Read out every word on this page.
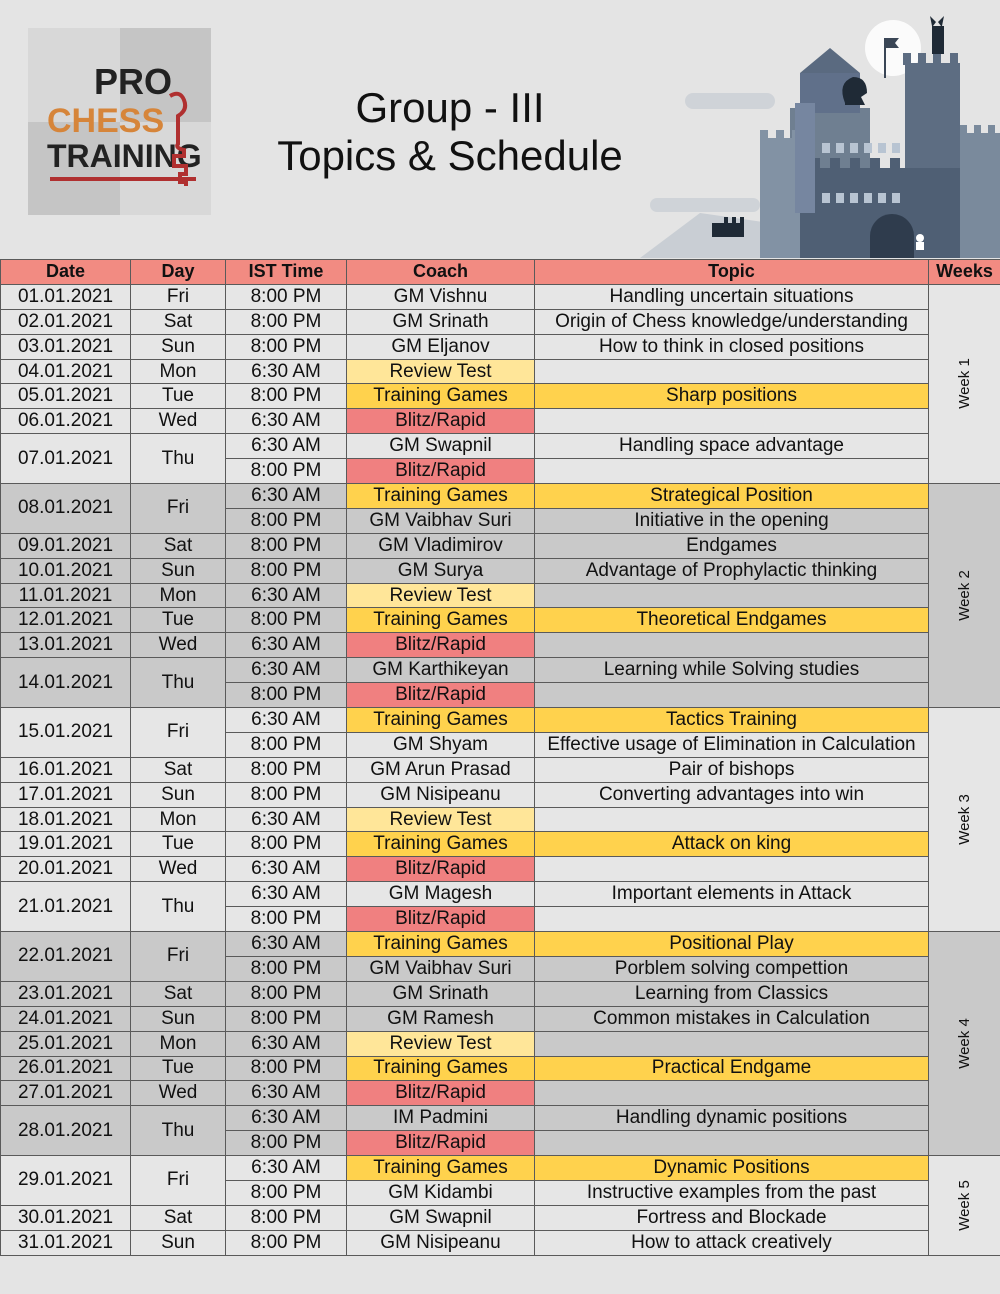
PRO
CHESS
TRAINING
Group - III
Topics & Schedule
Date	Day	IST Time	Coach	Topic	Weeks
01.01.2021	Fri	8:00 PM	GM Vishnu	Handling uncertain situations	Week 1
02.01.2021	Sat	8:00 PM	GM Srinath	Origin of Chess knowledge/understanding	
03.01.2021	Sun	8:00 PM	GM Eljanov	How to think in closed positions	
04.01.2021	Mon	6:30 AM	Review Test		
05.01.2021	Tue	8:00 PM	Training Games	Sharp positions	
06.01.2021	Wed	6:30 AM	Blitz/Rapid		
07.01.2021	Thu	6:30 AM	GM Swapnil	Handling space advantage	
		8:00 PM	Blitz/Rapid		
08.01.2021	Fri	6:30 AM	Training Games	Strategical Position	Week 2
		8:00 PM	GM Vaibhav Suri	Initiative in the opening	
09.01.2021	Sat	8:00 PM	GM Vladimirov	Endgames	
10.01.2021	Sun	8:00 PM	GM Surya	Advantage of Prophylactic thinking	
11.01.2021	Mon	6:30 AM	Review Test		
12.01.2021	Tue	8:00 PM	Training Games	Theoretical Endgames	
13.01.2021	Wed	6:30 AM	Blitz/Rapid		
14.01.2021	Thu	6:30 AM	GM Karthikeyan	Learning while Solving studies	
		8:00 PM	Blitz/Rapid		
15.01.2021	Fri	6:30 AM	Training Games	Tactics Training	Week 3
		8:00 PM	GM Shyam	Effective usage of Elimination in Calculation	
16.01.2021	Sat	8:00 PM	GM Arun Prasad	Pair of bishops	
17.01.2021	Sun	8:00 PM	GM Nisipeanu	Converting advantages into win	
18.01.2021	Mon	6:30 AM	Review Test		
19.01.2021	Tue	8:00 PM	Training Games	Attack on king	
20.01.2021	Wed	6:30 AM	Blitz/Rapid		
21.01.2021	Thu	6:30 AM	GM Magesh	Important elements in Attack	
		8:00 PM	Blitz/Rapid		
22.01.2021	Fri	6:30 AM	Training Games	Positional Play	Week 4
		8:00 PM	GM Vaibhav Suri	Porblem solving compettion	
23.01.2021	Sat	8:00 PM	GM Srinath	Learning from Classics	
24.01.2021	Sun	8:00 PM	GM Ramesh	Common mistakes in Calculation	
25.01.2021	Mon	6:30 AM	Review Test		
26.01.2021	Tue	8:00 PM	Training Games	Practical Endgame	
27.01.2021	Wed	6:30 AM	Blitz/Rapid		
28.01.2021	Thu	6:30 AM	IM Padmini	Handling dynamic positions	
		8:00 PM	Blitz/Rapid		
29.01.2021	Fri	6:30 AM	Training Games	Dynamic Positions	Week 5
		8:00 PM	GM Kidambi	Instructive examples from the past	
30.01.2021	Sat	8:00 PM	GM Swapnil	Fortress and Blockade	
31.01.2021	Sun	8:00 PM	GM Nisipeanu	How to attack creatively	
